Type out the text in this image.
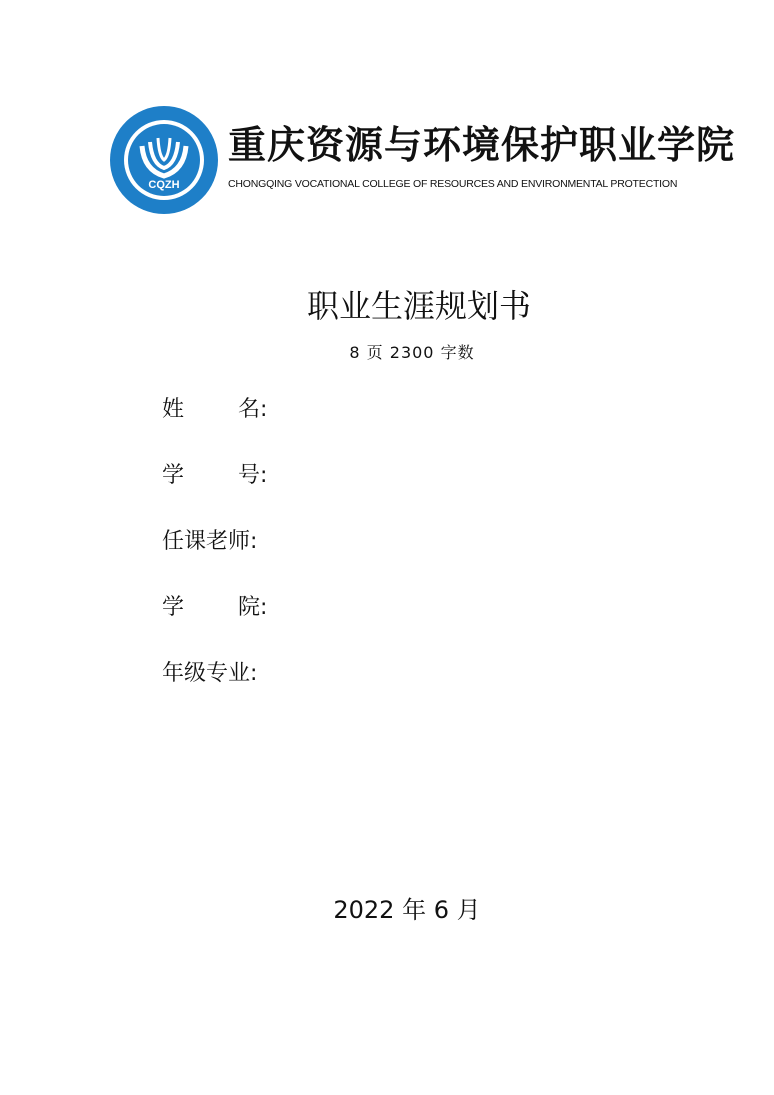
CQZH
重庆资源与环境保护职业学院
CHONGQING VOCATIONAL COLLEGE OF RESOURCES AND ENVIRONMENTAL PROTECTION
职业生涯规划书
8 页 2300 字数
姓 名 :
学 号 :
任课老师 :
学 院 :
年级专业 :
2022 年 6 月
